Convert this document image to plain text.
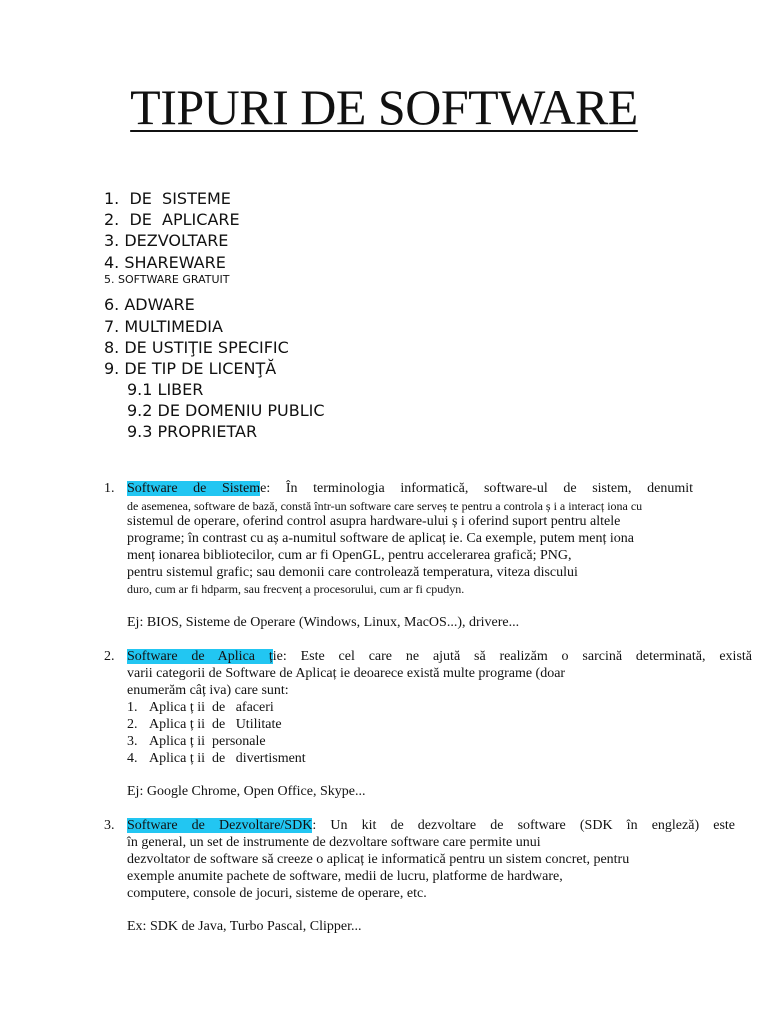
TIPURI DE SOFTWARE
1.  DE  SISTEME
2.  DE  APLICARE
3. DEZVOLTARE
4. SHAREWARE
5. SOFTWARE GRATUIT
6. ADWARE
7. MULTIMEDIA
8. DE USTIŢIE SPECIFIC
9. DE TIP DE LICENŢĂ
9.1 LIBER
9.2 DE DOMENIU PUBLIC
9.3 PROPRIETAR
1. Software de Sisteme: În terminologia informatică, software-ul de sistem, denumit
de asemenea, software de bază, constă într-un software care serveș te pentru a controla ș i a interacț iona cu
sistemul de operare, oferind control asupra hardware-ului ș i oferind suport pentru altele
programe; în contrast cu aș a-numitul software de aplicaț ie. Ca exemple, putem menț iona
menț ionarea bibliotecilor, cum ar fi OpenGL, pentru accelerarea grafică; PNG,
pentru sistemul grafic; sau demonii care controlează temperatura, viteza discului
duro, cum ar fi hdparm, sau frecvenț a procesorului, cum ar fi cpudyn.
Ej: BIOS, Sisteme de Operare (Windows, Linux, MacOS...), drivere...
2. Software de Aplica ție: Este cel care ne ajută să realizăm o sarcină determinată, există
varii categorii de Software de Aplicaț ie deoarece există multe programe (doar
enumerăm câț iva) care sunt:
1. Aplica ț ii  de   afaceri
2. Aplica ț ii  de   Utilitate
3. Aplica ț ii  personale
4. Aplica ț ii  de   divertisment
Ej: Google Chrome, Open Office, Skype...
3. Software de Dezvoltare/SDK: Un kit de dezvoltare de software (SDK în engleză) este
în general, un set de instrumente de dezvoltare software care permite unui
dezvoltator de software să creeze o aplicaț ie informatică pentru un sistem concret, pentru
exemple anumite pachete de software, medii de lucru, platforme de hardware,
computere, console de jocuri, sisteme de operare, etc.
Ex: SDK de Java, Turbo Pascal, Clipper...
